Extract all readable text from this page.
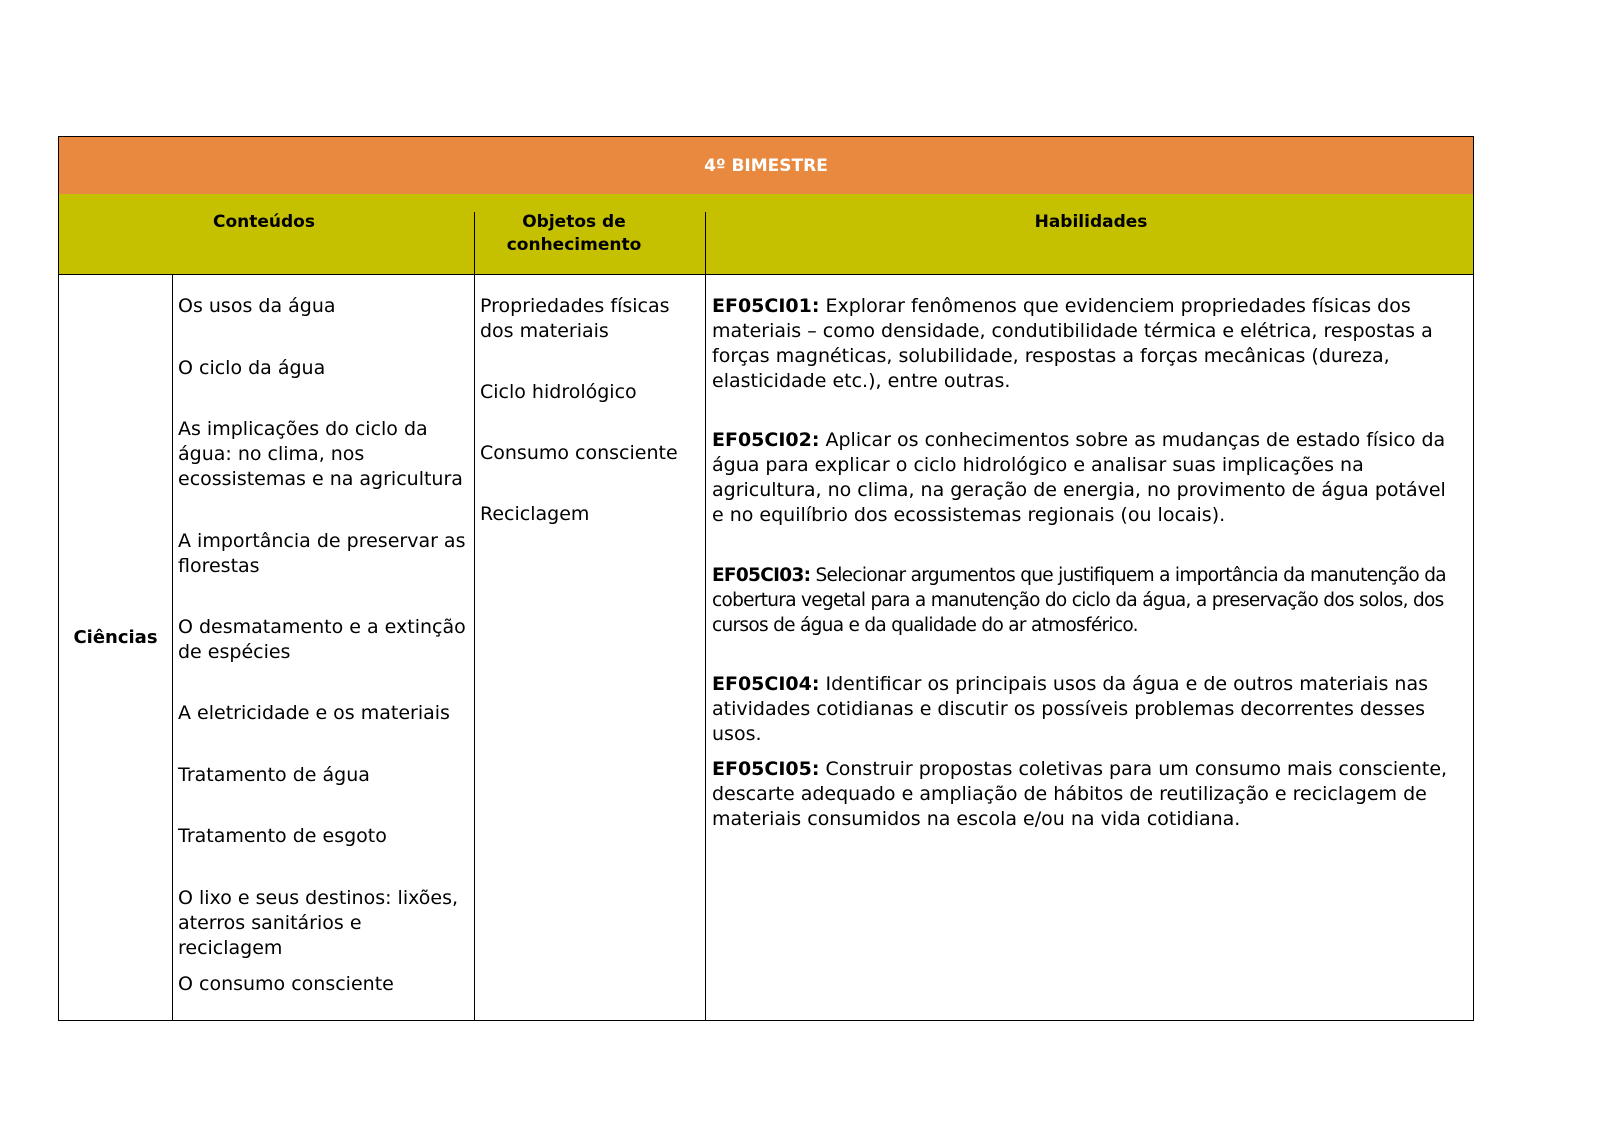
4º BIMESTRE
Conteúdos	Objetos de conhecimento
Habilidades
Ciências
Os usos da água
O ciclo da água
As implicações do ciclo da água: no clima, nos ecossistemas e na agricultura
A importância de preservar as florestas
O desmatamento e a extinção de espécies
A eletricidade e os materiais
Tratamento de água
Tratamento de esgoto
O lixo e seus destinos: lixões, aterros sanitários e reciclagem
O consumo consciente
Propriedades físicas dos materiais
Ciclo hidrológico
Consumo consciente
Reciclagem
EF05CI01: Explorar fenômenos que evidenciem propriedades físicas dos materiais – como densidade, condutibilidade térmica e elétrica, respostas a forças magnéticas, solubilidade, respostas a forças mecânicas (dureza, elasticidade etc.), entre outras.
EF05CI02: Aplicar os conhecimentos sobre as mudanças de estado físico da água para explicar o ciclo hidrológico e analisar suas implicações na agricultura, no clima, na geração de energia, no provimento de água potável e no equilíbrio dos ecossistemas regionais (ou locais).
EF05CI03: Selecionar argumentos que justifiquem a importância da manutenção da cobertura vegetal para a manutenção do ciclo da água, a preservação dos solos, dos cursos de água e da qualidade do ar atmosférico.
EF05CI04: Identificar os principais usos da água e de outros materiais nas atividades cotidianas e discutir os possíveis problemas decorrentes desses usos.
EF05CI05: Construir propostas coletivas para um consumo mais consciente, descarte adequado e ampliação de hábitos de reutilização e reciclagem de materiais consumidos na escola e/ou na vida cotidiana.
